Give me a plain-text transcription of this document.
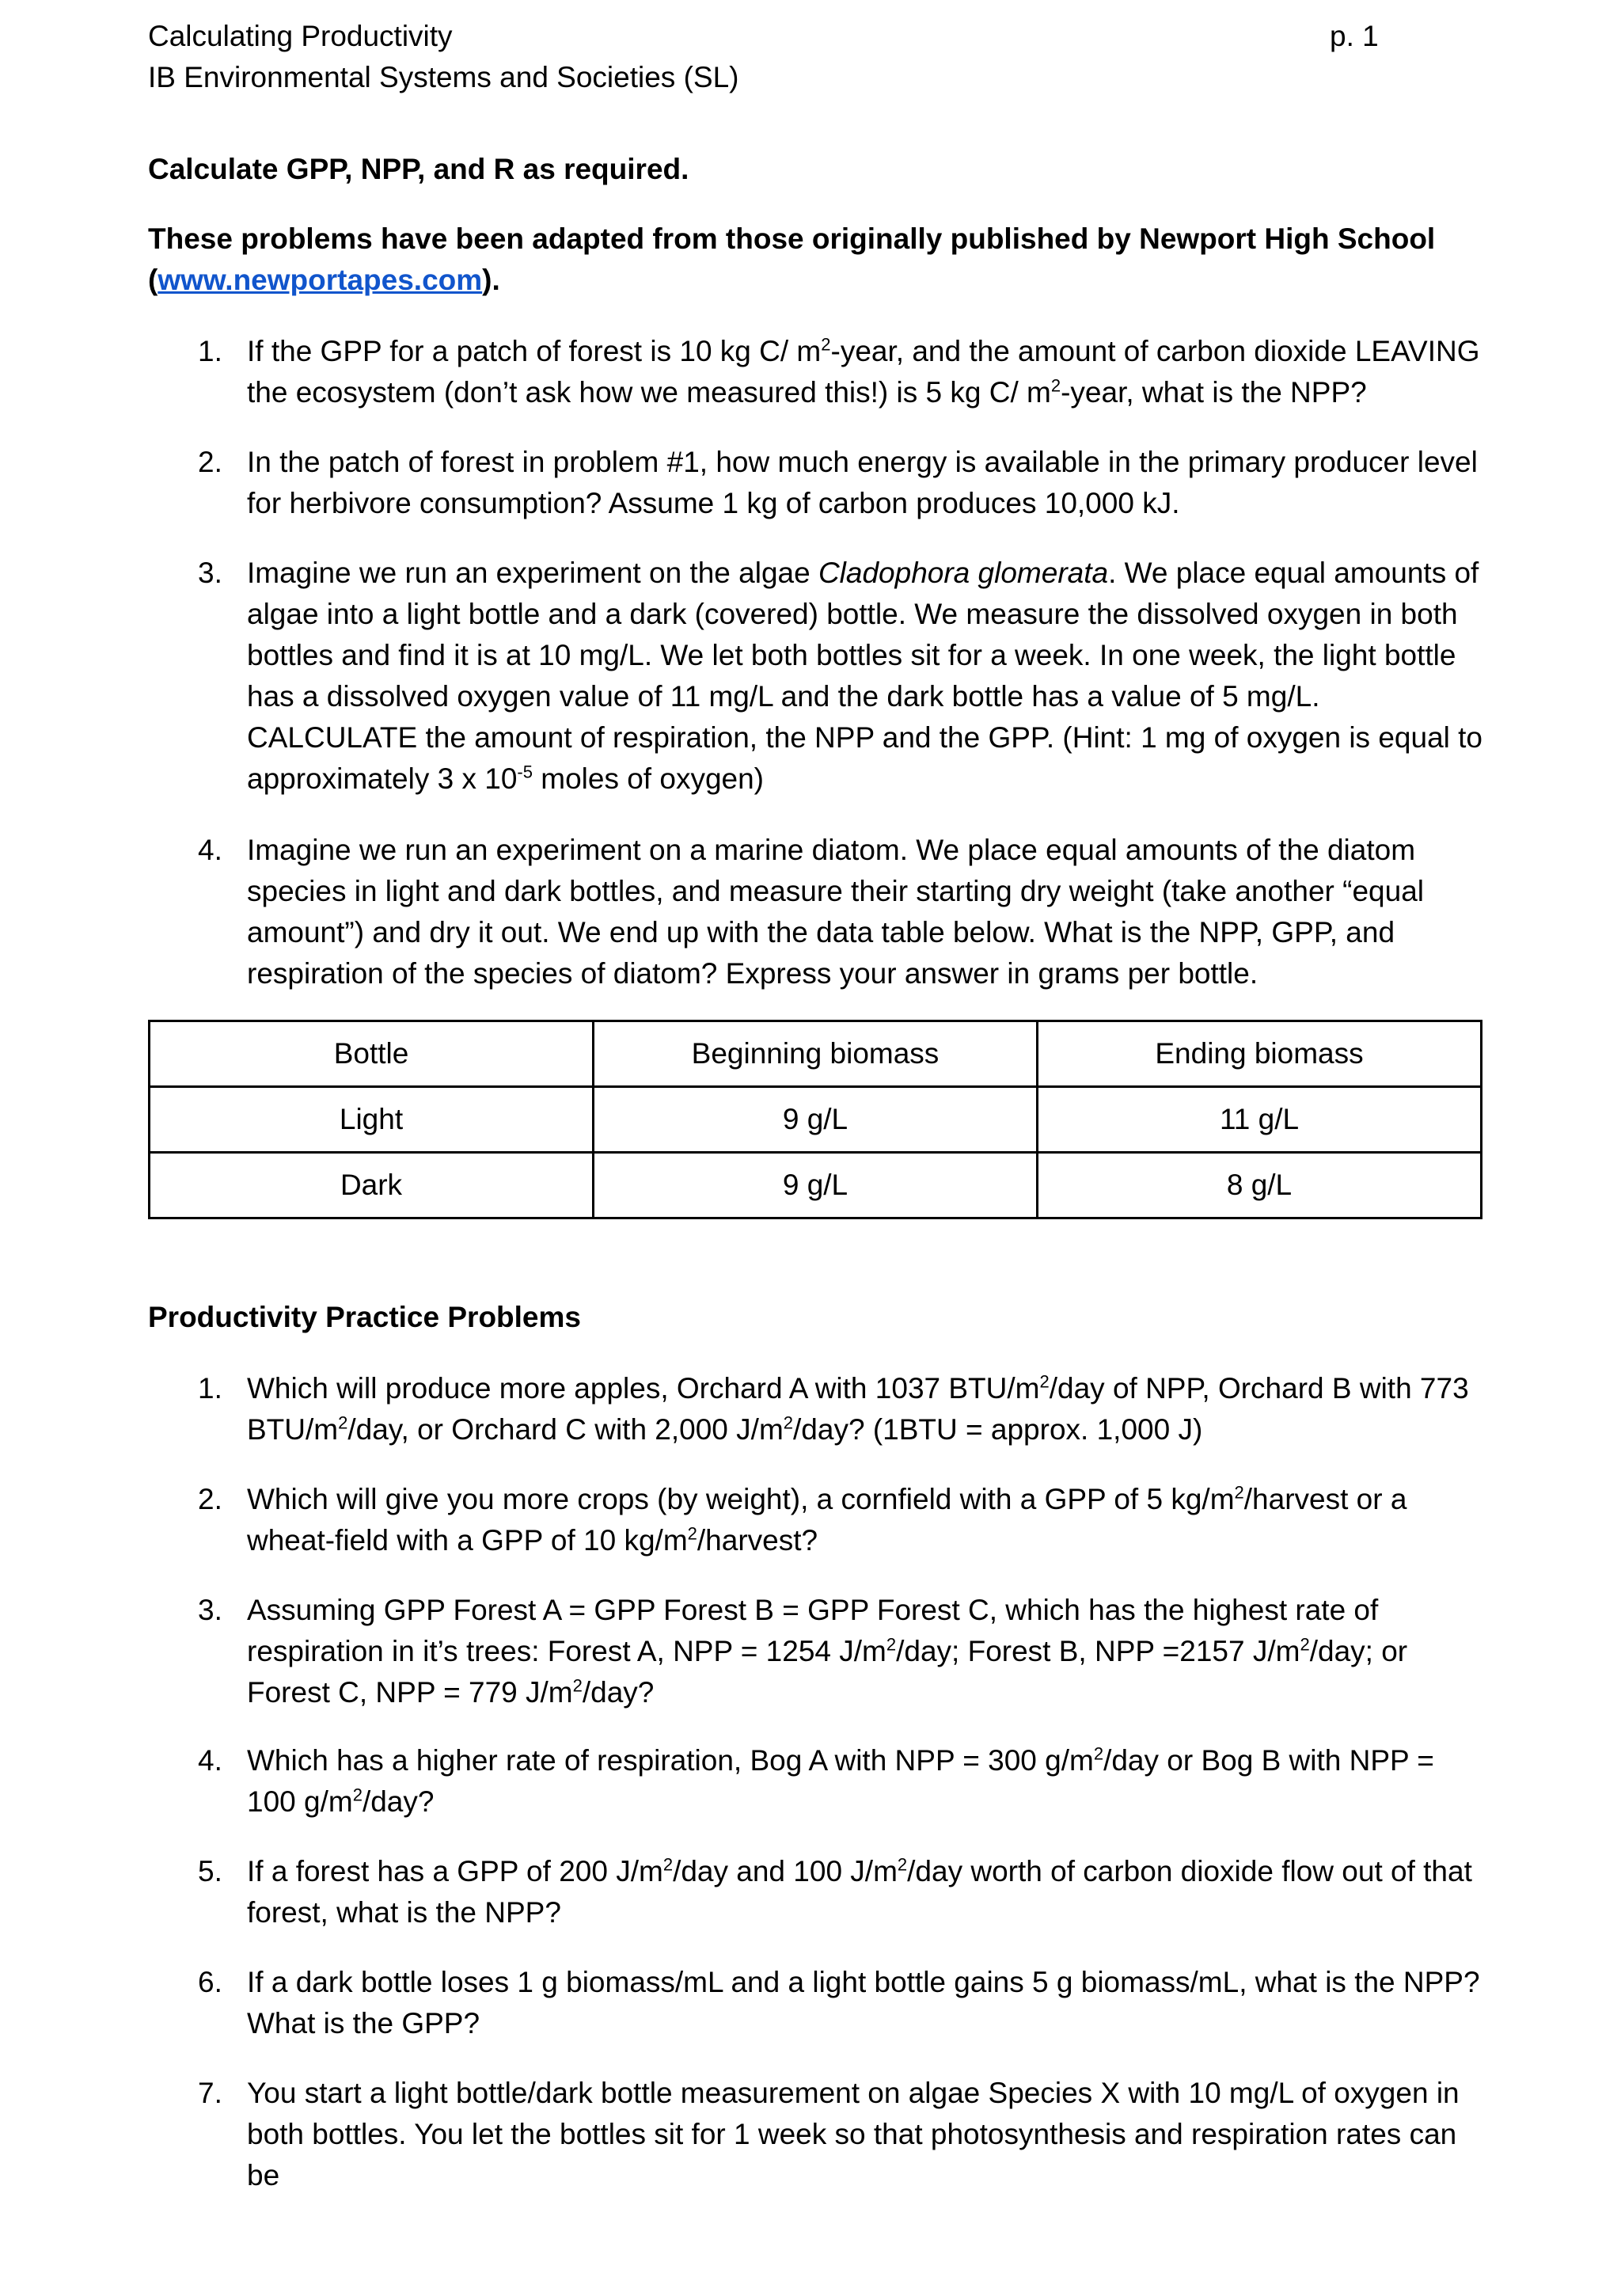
Calculating Productivity
IB Environmental Systems and Societies (SL)
p. 1
Calculate GPP, NPP, and R as required.
These problems have been adapted from those originally published by Newport High School
(www.newportapes.com).
1. If the GPP for a patch of forest is 10 kg C/ $m^2$-year, and the amount of carbon dioxide LEAVING the ecosystem (don’t ask how we measured this!) is 5 kg C/ $m^2$-year, what is the NPP?
2. In the patch of forest in problem #1, how much energy is available in the primary producer level for herbivore consumption? Assume 1 kg of carbon produces 10,000 kJ.
3. Imagine we run an experiment on the algae Cladophora glomerata. We place equal amounts of algae into a light bottle and a dark (covered) bottle. We measure the dissolved oxygen in both bottles and find it is at 10 mg/L. We let both bottles sit for a week. In one week, the light bottle has a dissolved oxygen value of 11 mg/L and the dark bottle has a value of 5 mg/L. CALCULATE the amount of respiration, the NPP and the GPP. (Hint: 1 mg of oxygen is equal to approximately 3 x $10^{-5}$ moles of oxygen)
4. Imagine we run an experiment on a marine diatom. We place equal amounts of the diatom species in light and dark bottles, and measure their starting dry weight (take another “equal amount”) and dry it out. We end up with the data table below. What is the NPP, GPP, and respiration of the species of diatom? Express your answer in grams per bottle.
Bottle	Beginning biomass	Ending biomass
Light	9 g/L	11 g/L
Dark	9 g/L	8 g/L
Productivity Practice Problems
1. Which will produce more apples, Orchard A with 1037 BTU/$m^2$/day of NPP, Orchard B with 773 BTU/$m^2$/day, or Orchard C with 2,000 $J/m^2$/day? (1BTU = approx. 1,000 J)
2. Which will give you more crops (by weight), a cornfield with a GPP of 5 $kg/m^2$/harvest or a wheat-field with a GPP of 10 $kg/m^2$/harvest?
3. Assuming GPP Forest A = GPP Forest B = GPP Forest C, which has the highest rate of respiration in it’s trees: Forest A, NPP = 1254 $J/m^2$/day; Forest B, NPP =2157 $J/m^2$/day; or Forest C, NPP = 779 $J/m^2$/day?
4. Which has a higher rate of respiration, Bog A with NPP = 300 $g/m^2$/day or Bog B with NPP = 100 $g/m^2$/day?
5. If a forest has a GPP of 200 $J/m^2$/day and 100 $J/m^2$/day worth of carbon dioxide flow out of that forest, what is the NPP?
6. If a dark bottle loses 1 g biomass/mL and a light bottle gains 5 g biomass/mL, what is the NPP? What is the GPP?
7. You start a light bottle/dark bottle measurement on algae Species X with 10 mg/L of oxygen in both bottles. You let the bottles sit for 1 week so that photosynthesis and respiration rates can be
